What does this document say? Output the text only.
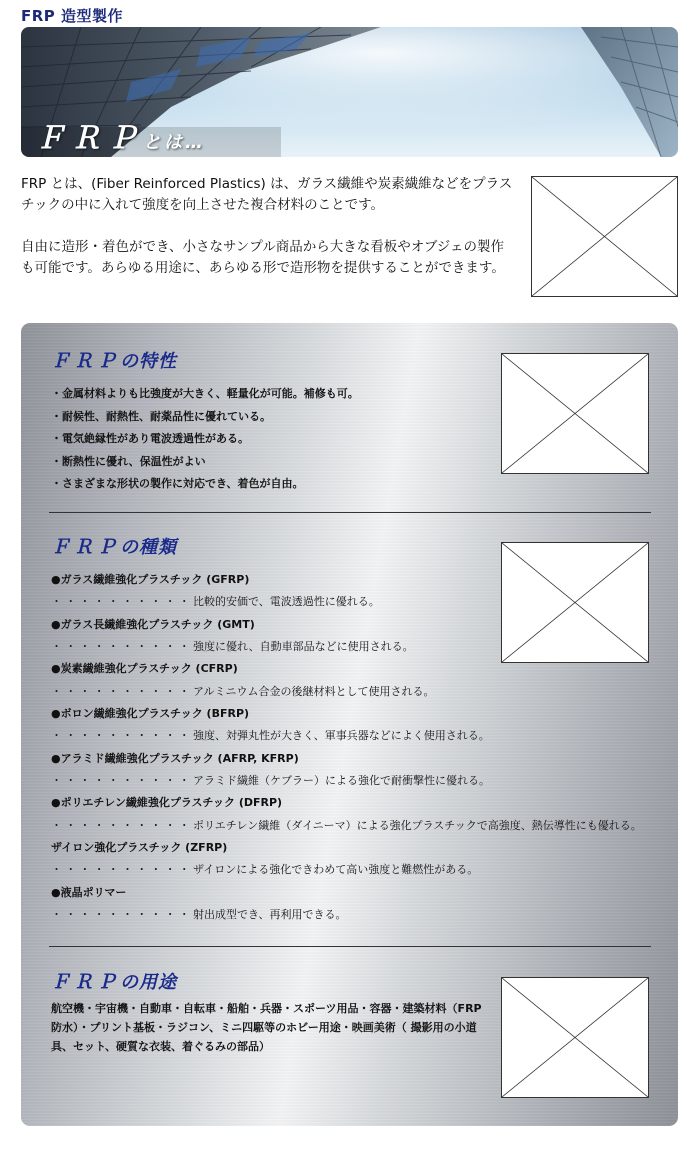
FRP 造型製作
ＦＲＰとは…

FRP とは、(Fiber Reinforced Plastics) は、ガラス繊維や炭素繊維などをプラスチックの中に入れて強度を向上させた複合材料のことです。

自由に造形・着色ができ、小さなサンプル商品から大きな看板やオブジェの製作も可能です。あらゆる用途に、あらゆる形で造形物を提供することができます。

ＦＲＰの特性
・ 金属材料よりも比強度が大きく、軽量化が可能。補修も可。
・ 耐候性、耐熱性、耐薬品性に優れている。
・ 電気絶縁性があり電波透過性がある。
・ 断熱性に優れ、保温性がよい
・ さまざまな形状の製作に対応でき、着色が自由。
ＦＲＰの種類
●ガラス繊維強化プラスチック (GFRP)
・・・・・・・・・・比較的安価で、電波透過性に優れる。
●ガラス長繊維強化プラスチック (GMT)
・・・・・・・・・・強度に優れ、自動車部品などに使用される。
●炭素繊維強化プラスチック (CFRP)
・・・・・・・・・・アルミニウム合金の後継材料として使用される。
●ボロン繊維強化プラスチック (BFRP)
・・・・・・・・・・強度、対弾丸性が大きく、軍事兵器などによく使用される。
●アラミド繊維強化プラスチック (AFRP, KFRP)
・・・・・・・・・・アラミド繊維（ケブラー）による強化で耐衝撃性に優れる。
●ポリエチレン繊維強化プラスチック (DFRP)
・・・・・・・・・・ポリエチレン繊維（ダイニーマ）による強化プラスチックで高強度、熱伝導性にも優れる。
ザイロン強化プラスチック (ZFRP)
・・・・・・・・・・ザイロンによる強化できわめて高い強度と難燃性がある。
●液晶ポリマー
・・・・・・・・・・射出成型でき、再利用できる。
ＦＲＰの用途
航空機・宇宙機・自動車・自転車・船舶・兵器・スポーツ用品・容器・建築材料（FRP防水）・プリント基板・ラジコン、ミニ四駆等のホビー用途・映画美術（ 撮影用の小道具、セット、硬質な衣装、着ぐるみの部品）
